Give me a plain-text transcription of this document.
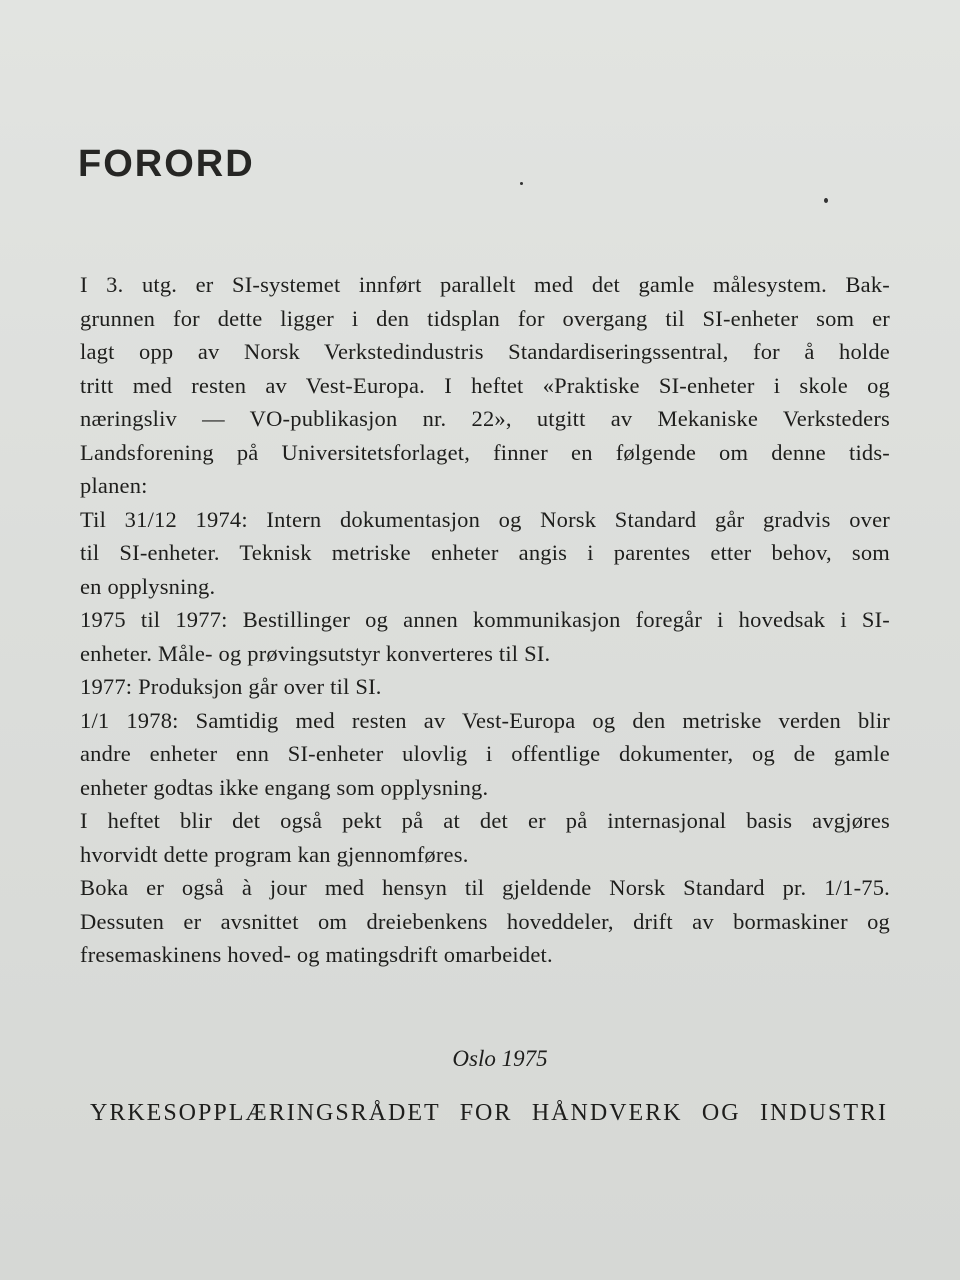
FORORD
I 3. utg. er SI-systemet innført parallelt med det gamle målesystem. Bak-
grunnen for dette ligger i den tidsplan for overgang til SI-enheter som er
lagt opp av Norsk Verkstedindustris Standardiseringssentral, for å holde
tritt med resten av Vest-Europa. I heftet «Praktiske SI-enheter i skole og
næringsliv — VO-publikasjon nr. 22», utgitt av Mekaniske Verksteders
Landsforening på Universitetsforlaget, finner en følgende om denne tids-
planen:
Til 31/12 1974: Intern dokumentasjon og Norsk Standard går gradvis over
til SI-enheter. Teknisk metriske enheter angis i parentes etter behov, som
en opplysning.
1975 til 1977: Bestillinger og annen kommunikasjon foregår i hovedsak i SI-
enheter. Måle- og prøvingsutstyr konverteres til SI.
1977: Produksjon går over til SI.
1/1 1978: Samtidig med resten av Vest-Europa og den metriske verden blir
andre enheter enn SI-enheter ulovlig i offentlige dokumenter, og de gamle
enheter godtas ikke engang som opplysning.
I heftet blir det også pekt på at det er på internasjonal basis avgjøres
hvorvidt dette program kan gjennomføres.
Boka er også à jour med hensyn til gjeldende Norsk Standard pr. 1/1-75.
Dessuten er avsnittet om dreiebenkens hoveddeler, drift av bormaskiner og
fresemaskinens hoved- og matingsdrift omarbeidet.
Oslo 1975
YRKESOPPLÆRINGSRÅDET FOR HÅNDVERK OG INDUSTRI
